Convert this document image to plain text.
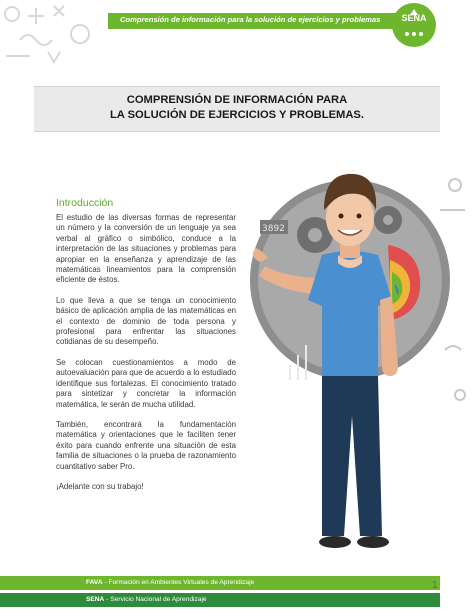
Comprensión de información para la solución de ejercicios y problemas	SENA
COMPRENSIÓN DE INFORMACIÓN PARA
LA SOLUCIÓN DE EJERCICIOS Y PROBLEMAS.
Introducción

El estudio de las diversas formas de representar un número y la conversión de un lenguaje ya sea verbal al gráfico o simbólico, conduce a la interpretación de las situaciones y problemas para apropiar en la enseñanza y aprendizaje de las matemáticas lineamientos para la comprensión eficiente de éstos.

Lo que lleva a que se tenga un conocimiento básico de aplicación amplia de las matemáticas en el contexto de dominio de toda persona y profesional para enfrentar las situaciones cotidianas de su desempeño.

Se colocan cuestionamientos a modo de autoevaluación para que de acuerdo a lo estudiado identifique sus fortalezas. El conocimiento tratado para sintetizar y concretar la información matemática, le serán de mucha utilidad.

También, encontrará la fundamentación matemática y orientaciones que le faciliten tener éxito para cuando enfrente una situación de esta familia de situaciones o la prueba de razonamiento cuantitativo saber Pro.

¡Adelante con su trabajo!

3892
FAVA - Formación en Ambientes Virtuales de Aprendizaje
SENA - Servicio Nacional de Aprendizaje
1
